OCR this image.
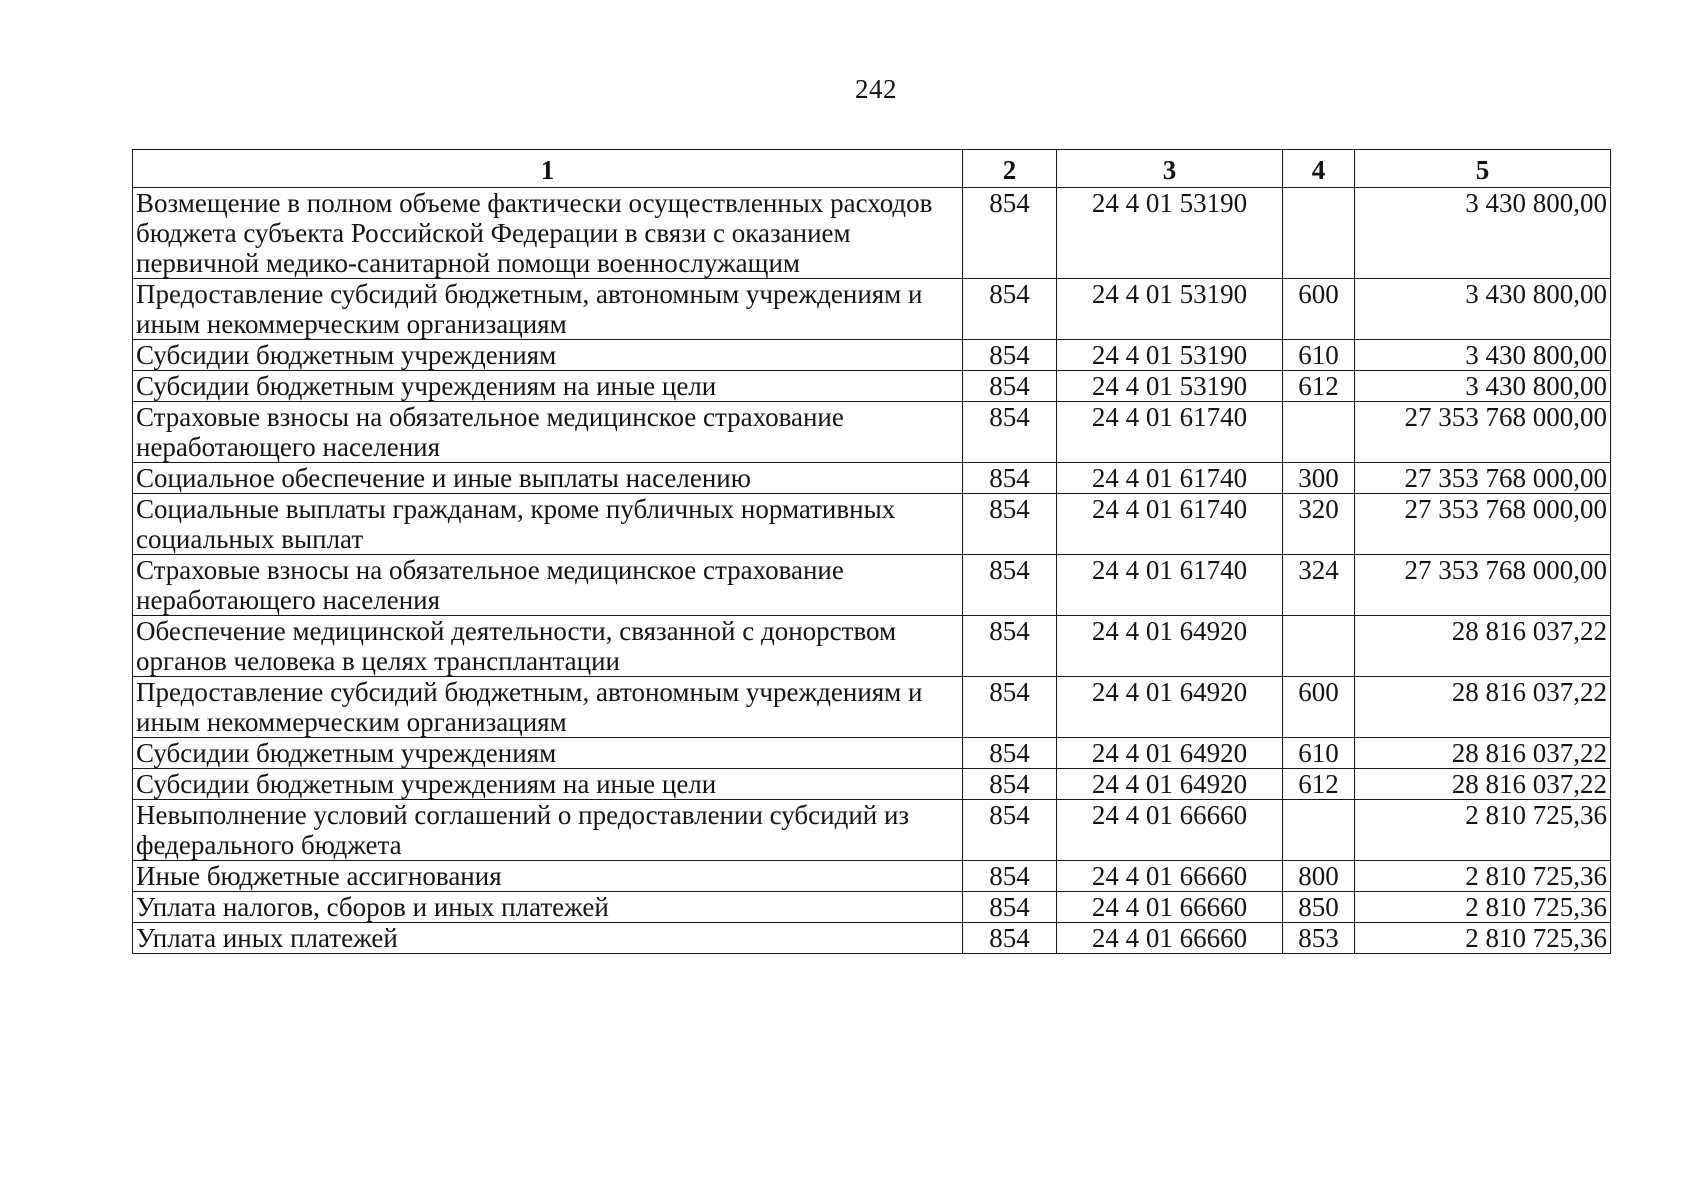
242
1	2	3	4	5
Возмещение в полном объеме фактически осуществленных расходов бюджета субъекта Российской Федерации в связи с оказанием первичной медико-санитарной помощи военнослужащим	854	24 4 01 53190		3 430 800,00
Предоставление субсидий бюджетным, автономным учреждениям и иным некоммерческим организациям	854	24 4 01 53190	600	3 430 800,00
Субсидии бюджетным учреждениям	854	24 4 01 53190	610	3 430 800,00
Субсидии бюджетным учреждениям на иные цели	854	24 4 01 53190	612	3 430 800,00
Страховые взносы на обязательное медицинское страхование неработающего населения	854	24 4 01 61740		27 353 768 000,00
Социальное обеспечение и иные выплаты населению	854	24 4 01 61740	300	27 353 768 000,00
Социальные выплаты гражданам, кроме публичных нормативных социальных выплат	854	24 4 01 61740	320	27 353 768 000,00
Страховые взносы на обязательное медицинское страхование неработающего населения	854	24 4 01 61740	324	27 353 768 000,00
Обеспечение медицинской деятельности, связанной с донорством органов человека в целях трансплантации	854	24 4 01 64920		28 816 037,22
Предоставление субсидий бюджетным, автономным учреждениям и иным некоммерческим организациям	854	24 4 01 64920	600	28 816 037,22
Субсидии бюджетным учреждениям	854	24 4 01 64920	610	28 816 037,22
Субсидии бюджетным учреждениям на иные цели	854	24 4 01 64920	612	28 816 037,22
Невыполнение условий соглашений о предоставлении субсидий из федерального бюджета	854	24 4 01 66660		2 810 725,36
Иные бюджетные ассигнования	854	24 4 01 66660	800	2 810 725,36
Уплата налогов, сборов и иных платежей	854	24 4 01 66660	850	2 810 725,36
Уплата иных платежей	854	24 4 01 66660	853	2 810 725,36
